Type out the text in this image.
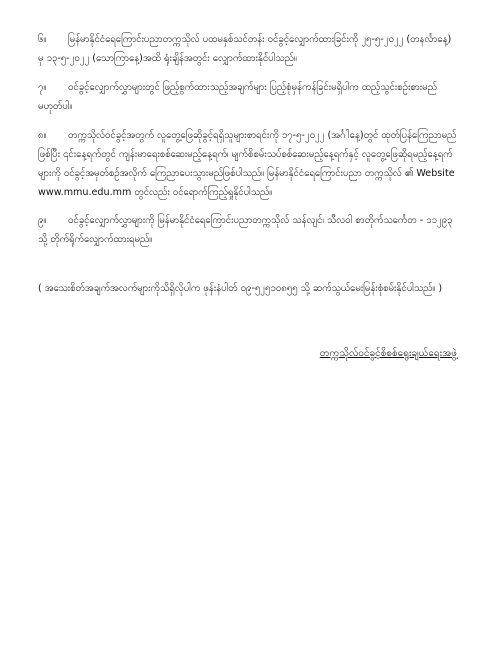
၆။	မြန်မာနိုင်ငံရေကြောင်းပညာတက္ကသိုလ် ပထမနှစ်သင်တန်း ဝင်ခွင့်လျှောက်ထားခြင်းကို ၂၅-၅-၂၀၂၂ (တနင်္လာနေ့) မှ ၁၃-၅-၂၀၂၂ (သောကြာနေ့)အထိ ရုံးချိန်အတွင်း လျှောက်ထားနိုင်ပါသည်။
၇။	ဝင်ခွင့်လျှောက်လွှာများတွင် ဖြည့်စွက်ထားသည့်အချက်များ ပြည့်စုံမှန်ကန်ခြင်းမရှိပါက ထည့်သွင်းစဉ်းစားမည် မဟုတ်ပါ။
၈။	တက္ကသိုလ်ဝင်ခွင့်အတွက် လူတွေ့ဖြေဆိုခွင့်ရရှိသူများစာရင်းကို ၁၇-၅-၂၀၂၂ (အင်္ဂါနေ့)တွင် ထုတ်ပြန်ကြေညာမည်ဖြစ်ပြီး ၎င်းနေ့ရက်တွင် ကျန်းမာရေးစစ်ဆေးမည့်နေ့ရက်၊ မျက်စိစမ်းသပ်စစ်ဆေးမည့်နေ့ရက်နှင့် လူတွေ့ဖြေဆိုရမည့်နေ့ရက်များကို ဝင်ခွင့်အမှတ်စဉ်အလိုက် ကြေညာပေးသွားမည်ဖြစ်ပါသည်။ မြန်မာနိုင်ငံရေကြောင်းပညာ တက္ကသိုလ် ၏ Website www.mmu.edu.mm တွင်လည်း ဝင်ရောက်ကြည့်ရှုနိုင်ပါသည်။
၉။	ဝင်ခွင့်လျှောက်လွှာများကို မြန်မာနိုင်ငံရေကြောင်းပညာတက္ကသိုလ် သန်လျင်၊ သီလဝါ စာတိုက်သင်္ကေတ - ၁၁၂၉၃ သို့ တိုက်ရိုက်လျှောက်ထားရမည်။
( အသေးစိတ်အချက်အလက်များကိုသိရှိလိုပါက ဖုန်းနံပါတ် ၀၉-၅၂၅၁၀၈၅၅ သို့ ဆက်သွယ်မေးမြန်းစုံစမ်းနိုင်ပါသည်။ )
တက္ကသိုလ်ဝင်ခွင့်စိစစ်ရွေးချယ်ရေးအဖွဲ့
